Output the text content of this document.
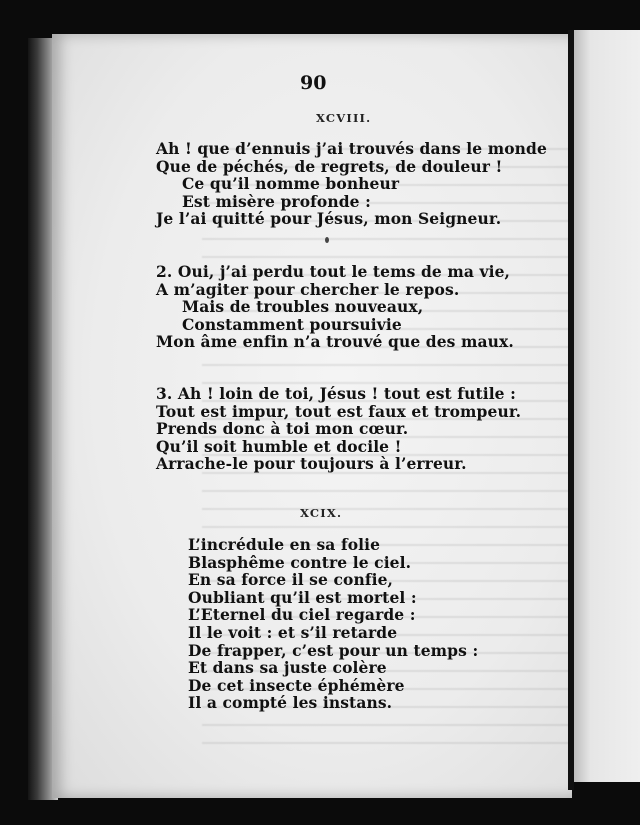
90
XCVIII.
Ah ! que d’ennuis j’ai trouvés dans le monde
Que de péchés, de regrets, de douleur !
Ce qu’il nomme bonheur
Est misère profonde :
Je l’ai quitté pour Jésus, mon Seigneur.
2. Oui, j’ai perdu tout le tems de ma vie,
A m’agiter pour chercher le repos.
Mais de troubles nouveaux,
Constamment poursuivie
Mon âme enfin n’a trouvé que des maux.
3. Ah ! loin de toi, Jésus ! tout est futile :
Tout est impur, tout est faux et trompeur.
Prends donc à toi mon cœur.
Qu’il soit humble et docile !
Arrache-le pour toujours à l’erreur.
XCIX.
L’incrédule en sa folie
Blasphême contre le ciel.
En sa force il se confie,
Oubliant qu’il est mortel :
L’Eternel du ciel regarde :
Il le voit : et s’il retarde
De frapper, c’est pour un temps :
Et dans sa juste colère
De cet insecte éphémère
Il a compté les instans.
